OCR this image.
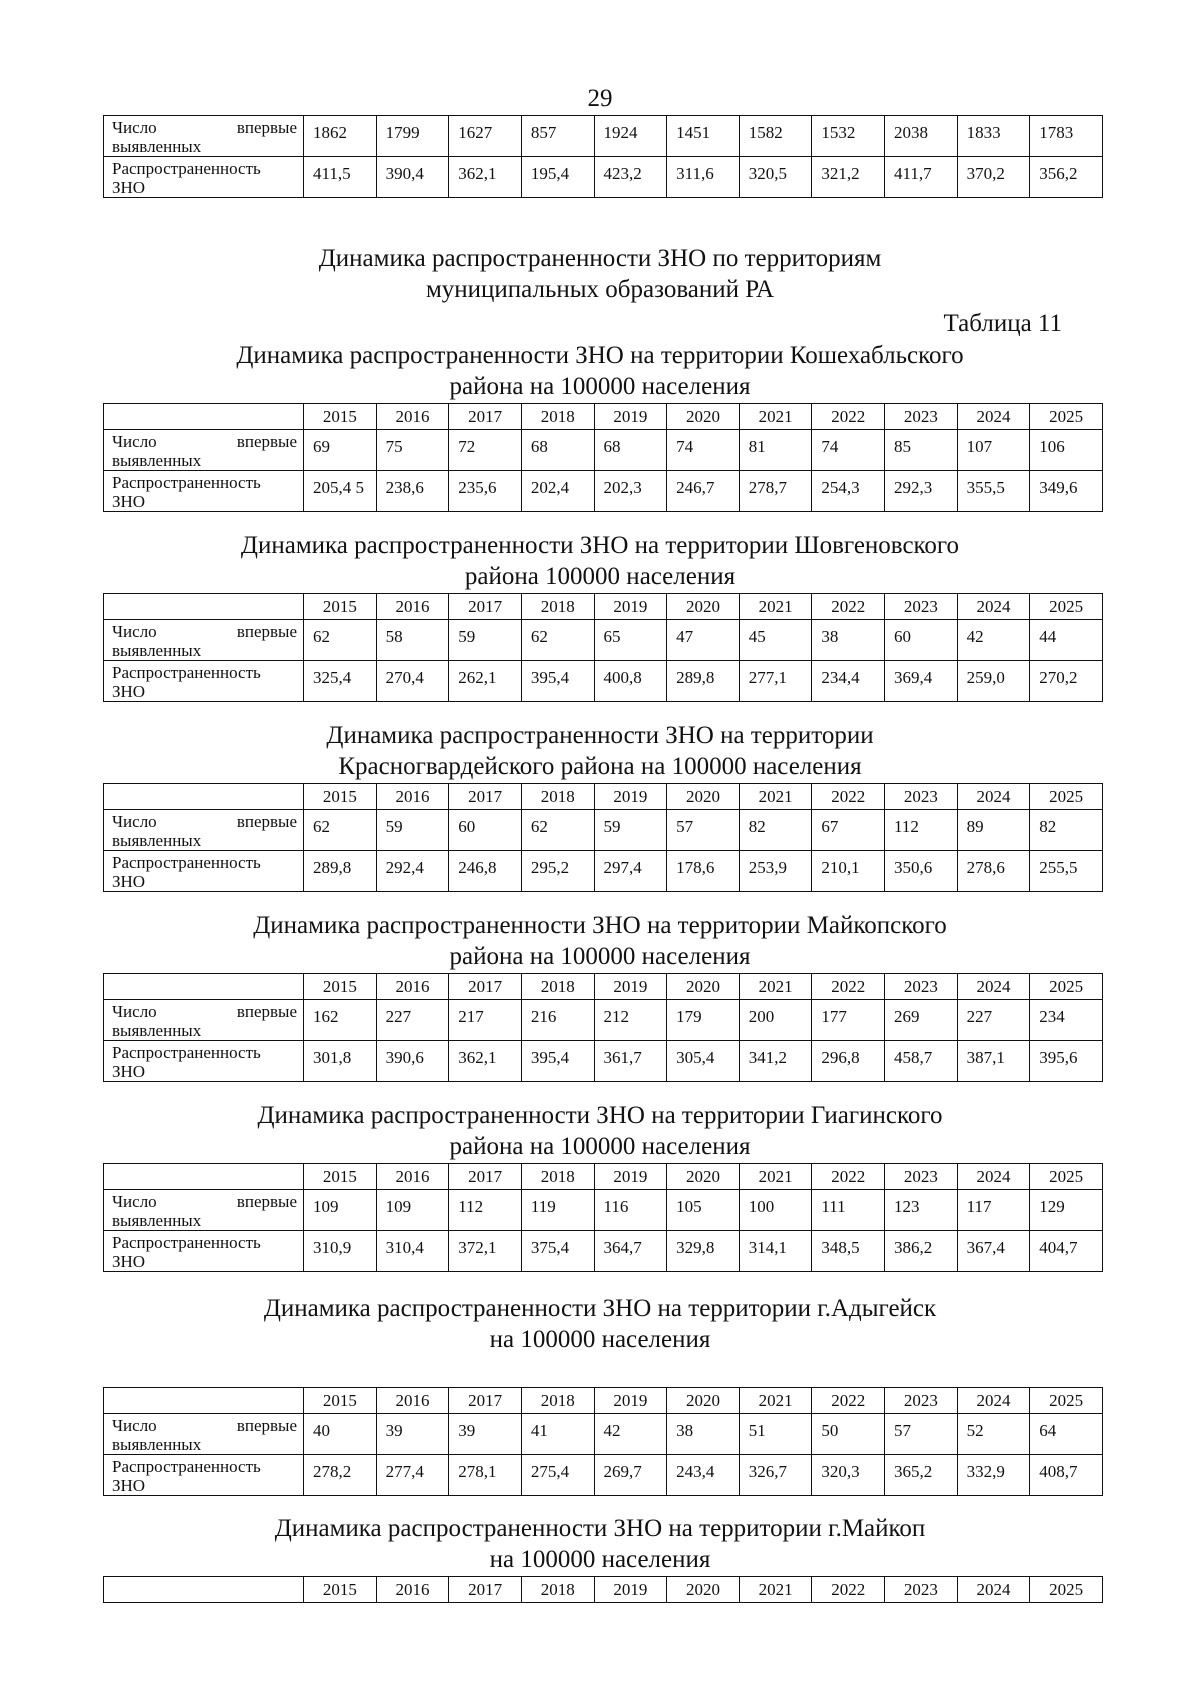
29
Число впервые
выявленных	1862	1799	1627	857	1924	1451	1582	1532	2038	1833	1783
Распространенность
ЗНО	411,5	390,4	362,1	195,4	423,2	311,6	320,5	321,2	411,7	370,2	356,2
Динамика распространенности ЗНО по территориям
муниципальных образований РА
Таблица 11
Динамика распространенности ЗНО на территории Кошехабльского
района на 100000 населения
	2015	2016	2017	2018	2019	2020	2021	2022	2023	2024	2025

Число впервые
выявленных	69	75	72	68	68	74	81	74	85	107	106
Распространенность
ЗНО	205,4 5	238,6	235,6	202,4	202,3	246,7	278,7	254,3	292,3	355,5	349,6
Динамика распространенности ЗНО на территории Шовгеновского
района 100000 населения
	2015	2016	2017	2018	2019	2020	2021	2022	2023	2024	2025

Число впервые
выявленных	62	58	59	62	65	47	45	38	60	42	44
Распространенность
ЗНО	325,4	270,4	262,1	395,4	400,8	289,8	277,1	234,4	369,4	259,0	270,2
Динамика распространенности ЗНО на территории
Красногвардейского района на 100000 населения
	2015	2016	2017	2018	2019	2020	2021	2022	2023	2024	2025

Число впервые
выявленных	62	59	60	62	59	57	82	67	112	89	82
Распространенность
ЗНО	289,8	292,4	246,8	295,2	297,4	178,6	253,9	210,1	350,6	278,6	255,5
Динамика распространенности ЗНО на территории Майкопского
района на 100000 населения
	2015	2016	2017	2018	2019	2020	2021	2022	2023	2024	2025

Число впервые
выявленных	162	227	217	216	212	179	200	177	269	227	234
Распространенность
ЗНО	301,8	390,6	362,1	395,4	361,7	305,4	341,2	296,8	458,7	387,1	395,6
Динамика распространенности ЗНО на территории Гиагинского
района на 100000 населения
	2015	2016	2017	2018	2019	2020	2021	2022	2023	2024	2025

Число впервые
выявленных	109	109	112	119	116	105	100	111	123	117	129
Распространенность
ЗНО	310,9	310,4	372,1	375,4	364,7	329,8	314,1	348,5	386,2	367,4	404,7
Динамика распространенности ЗНО на территории г.Адыгейск
на 100000 населения
	2015	2016	2017	2018	2019	2020	2021	2022	2023	2024	2025

Число впервые
выявленных	40	39	39	41	42	38	51	50	57	52	64
Распространенность
ЗНО	278,2	277,4	278,1	275,4	269,7	243,4	326,7	320,3	365,2	332,9	408,7
Динамика распространенности ЗНО на территории г.Майкоп
на 100000 населения
	2015	2016	2017	2018	2019	2020	2021	2022	2023	2024	2025
